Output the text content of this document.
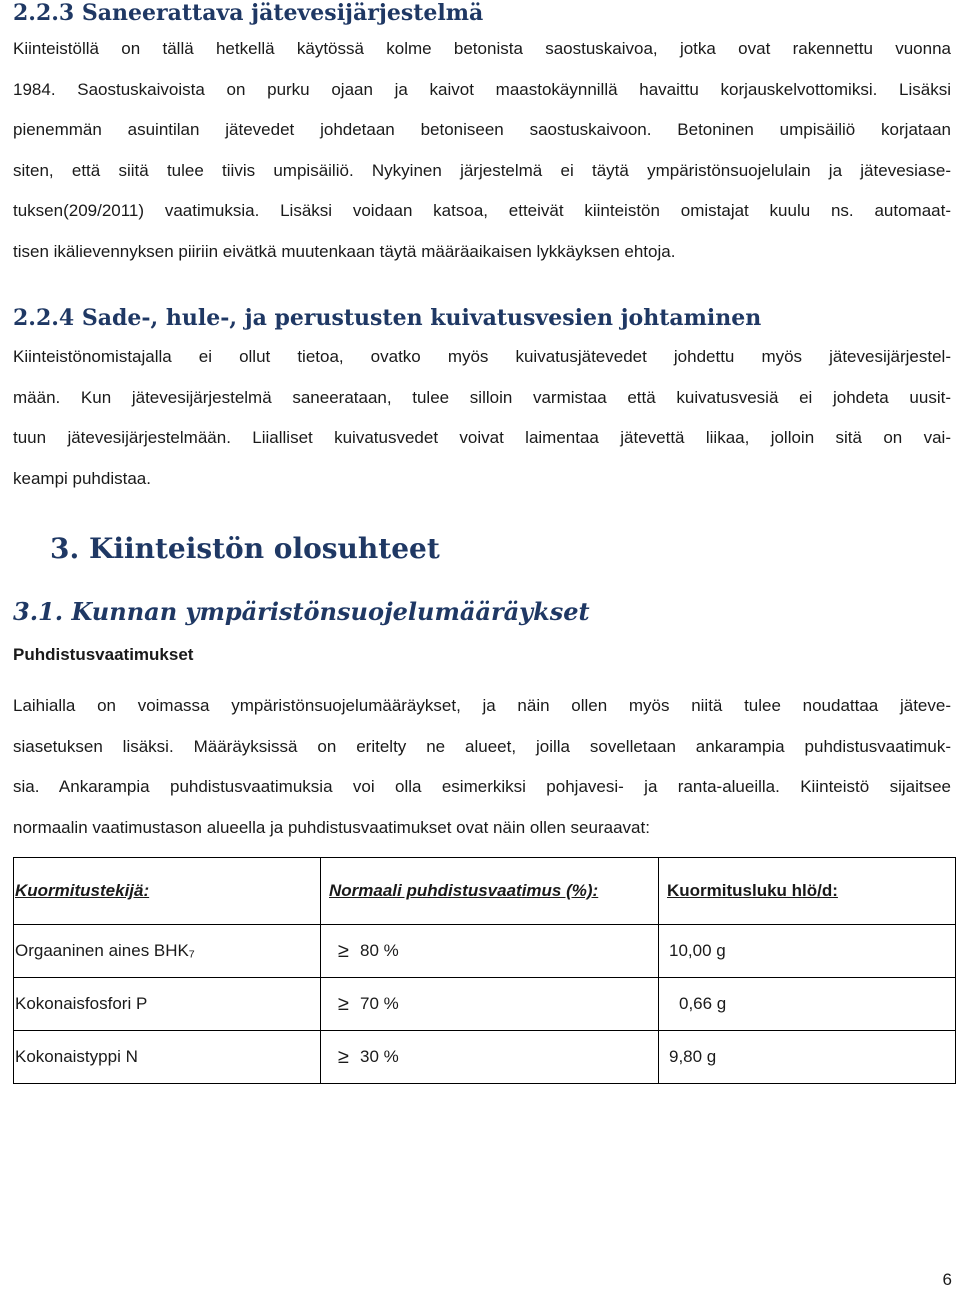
2.2.3 Saneerattava jätevesijärjestelmä
Kiinteistöllä on tällä hetkellä käytössä kolme betonista saostuskaivoa, jotka ovat rakennettu vuonna
1984. Saostuskaivoista on purku ojaan ja kaivot maastokäynnillä havaittu korjauskelvottomiksi. Lisäksi
pienemmän asuintilan jätevedet johdetaan betoniseen saostuskaivoon. Betoninen umpisäiliö korjataan
siten, että siitä tulee tiivis umpisäiliö. Nykyinen järjestelmä ei täytä ympäristönsuojelulain ja jätevesiase-
tuksen(209/2011) vaatimuksia. Lisäksi voidaan katsoa, etteivät kiinteistön omistajat kuulu ns. automaat-
tisen ikälievennyksen piiriin eivätkä muutenkaan täytä määräaikaisen lykkäyksen ehtoja.
2.2.4 Sade-, hule-, ja perustusten kuivatusvesien johtaminen
Kiinteistönomistajalla ei ollut tietoa, ovatko myös kuivatusjätevedet johdettu myös jätevesijärjestel-
mään. Kun jätevesijärjestelmä saneerataan, tulee silloin varmistaa että kuivatusvesiä ei johdeta uusit-
tuun jätevesijärjestelmään. Liialliset kuivatusvedet voivat laimentaa jätevettä liikaa, jolloin sitä on vai-
keampi puhdistaa.
3. Kiinteistön olosuhteet
3.1. Kunnan ympäristönsuojelumääräykset
Puhdistusvaatimukset
Laihialla on voimassa ympäristönsuojelumääräykset, ja näin ollen myös niitä tulee noudattaa jäteve-
siasetuksen lisäksi. Määräyksissä on eritelty ne alueet, joilla sovelletaan ankarampia puhdistusvaatimuk-
sia. Ankarampia puhdistusvaatimuksia voi olla esimerkiksi pohjavesi- ja ranta-alueilla. Kiinteistö sijaitsee
normaalin vaatimustason alueella ja puhdistusvaatimukset ovat näin ollen seuraavat:
Kuormitustekijä:	Normaali puhdistusvaatimus (%):	Kuormitusluku hlö/d:
Orgaaninen aines BHK₇	≥ 80 %	10,00 g
Kokonaisfosfori P	≥ 70 %	0,66 g
Kokonaistyppi N	≥ 30 %	9,80 g

6
